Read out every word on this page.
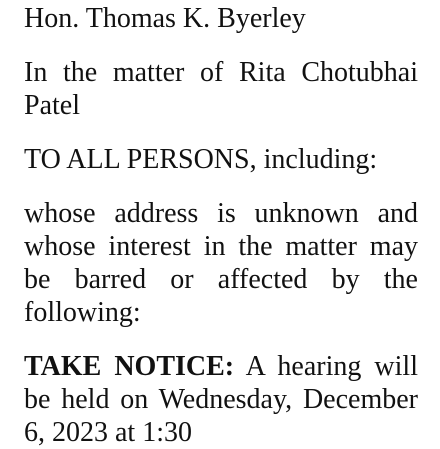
Hon. Thomas K. Byerley

In the matter of Rita Chotubhai Patel

TO ALL PERSONS, including:

whose address is unknown and whose interest in the matter may be barred or affected by the following:

TAKE NOTICE: A hearing will be held on Wednesday, December 6, 2023 at 1:30
